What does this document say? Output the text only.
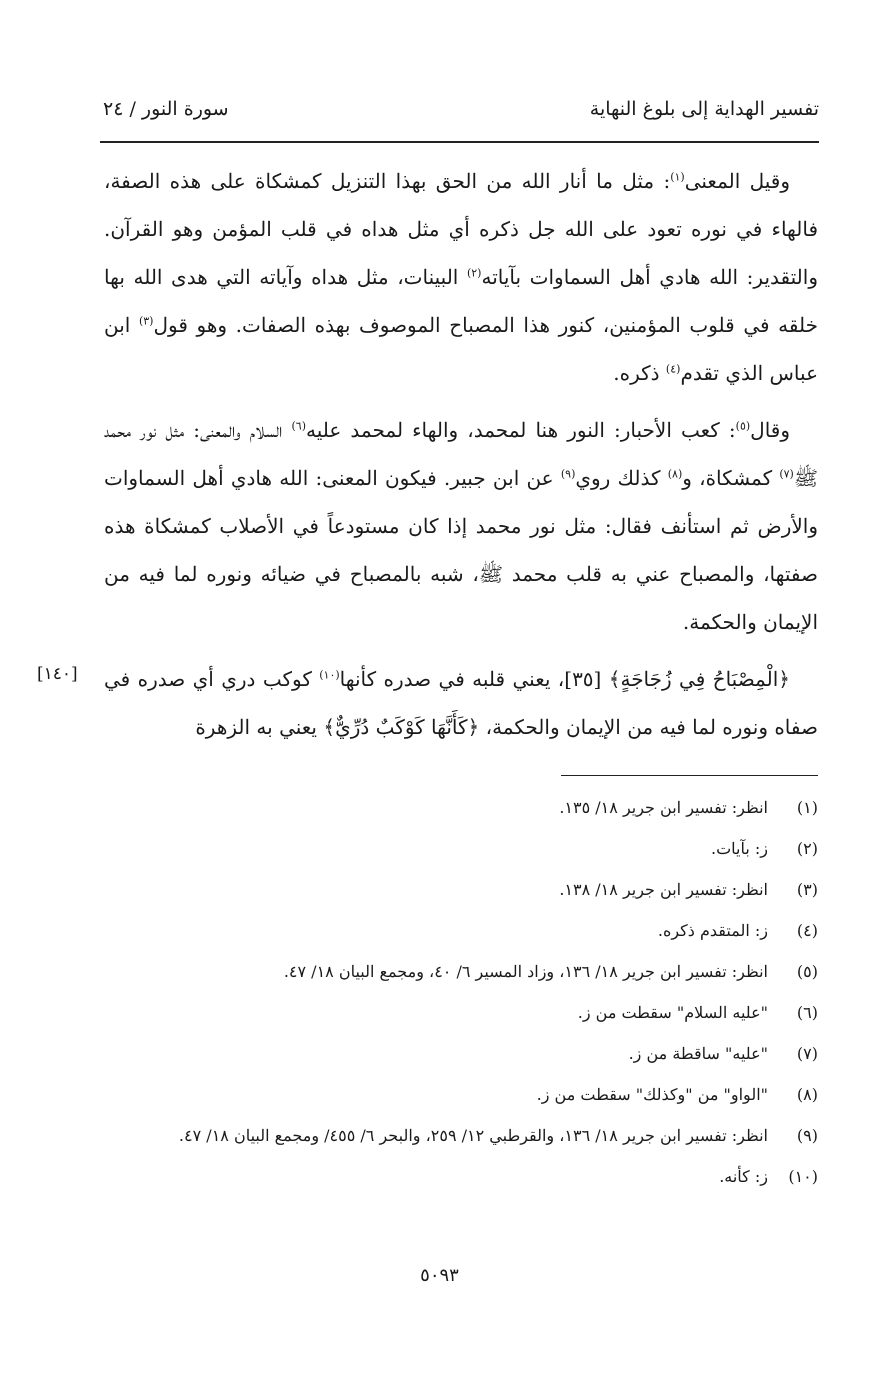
تفسير الهداية إلى بلوغ النهاية
سورة النور / ٢٤

وقيل المعنى$^{(١)}$: مثل ما أنار الله من الحق بهذا التنزيل كمشكاة على هذه الصفة، فالهاء في نوره تعود على الله جل ذكره أي مثل هداه في قلب المؤمن وهو القرآن. والتقدير: الله هادي أهل السماوات بآياته$^{(٢)}$ البينات، مثل هداه وآياته التي هدى الله بها خلقه في قلوب المؤمنين، كنور هذا المصباح الموصوف بهذه الصفات. وهو قول$^{(٣)}$ ابن عباس الذي تقدم$^{(٤)}$ ذكره.

وقال$^{(٥)}$: كعب الأحبار: النور هنا لمحمد، والهاء لمحمد عليه$^{(٦)}$ السلام والمعنى: مثل نور محمد ﷺ$^{(٧)}$ كمشكاة، و$^{(٨)}$ كذلك روي$^{(٩)}$ عن ابن جبير. فيكون المعنى: الله هادي أهل السماوات والأرض ثم استأنف فقال: مثل نور محمد إذا كان مستودعاً في الأصلاب كمشكاة هذه صفتها، والمصباح عني به قلب محمد ﷺ، شبه بالمصباح في ضيائه ونوره لما فيه من الإيمان والحكمة.

﴿الْمِصْبَاحُ فِي زُجَاجَةٍ﴾ [٣٥]، يعني قلبه في صدره كأنها$^{(١٠)}$ كوكب دري أي صدره في صفاه ونوره لما فيه من الإيمان والحكمة، ﴿كَأَنَّهَا كَوْكَبٌ دُرِّيٌّ﴾ يعني به الزهرة

[١٤٠]
(١)
انظر: تفسير ابن جرير ١٨/ ١٣٥.
(٢)
ز: بآيات.
(٣)
انظر: تفسير ابن جرير ١٨/ ١٣٨.
(٤)
ز: المتقدم ذكره.
(٥)
انظر: تفسير ابن جرير ١٨/ ١٣٦، وزاد المسير ٦/ ٤٠، ومجمع البيان ١٨/ ٤٧.
(٦)
"عليه السلام" سقطت من ز.
(٧)
"عليه" ساقطة من ز.
(٨)
"الواو" من "وكذلك" سقطت من ز.
(٩)
انظر: تفسير ابن جرير ١٨/ ١٣٦، والقرطبي ١٢/ ٢٥٩، والبحر ٦/ ٤٥٥/ ومجمع البيان ١٨/ ٤٧.
(١٠)
ز: كأنه.
٥٠٩٣
